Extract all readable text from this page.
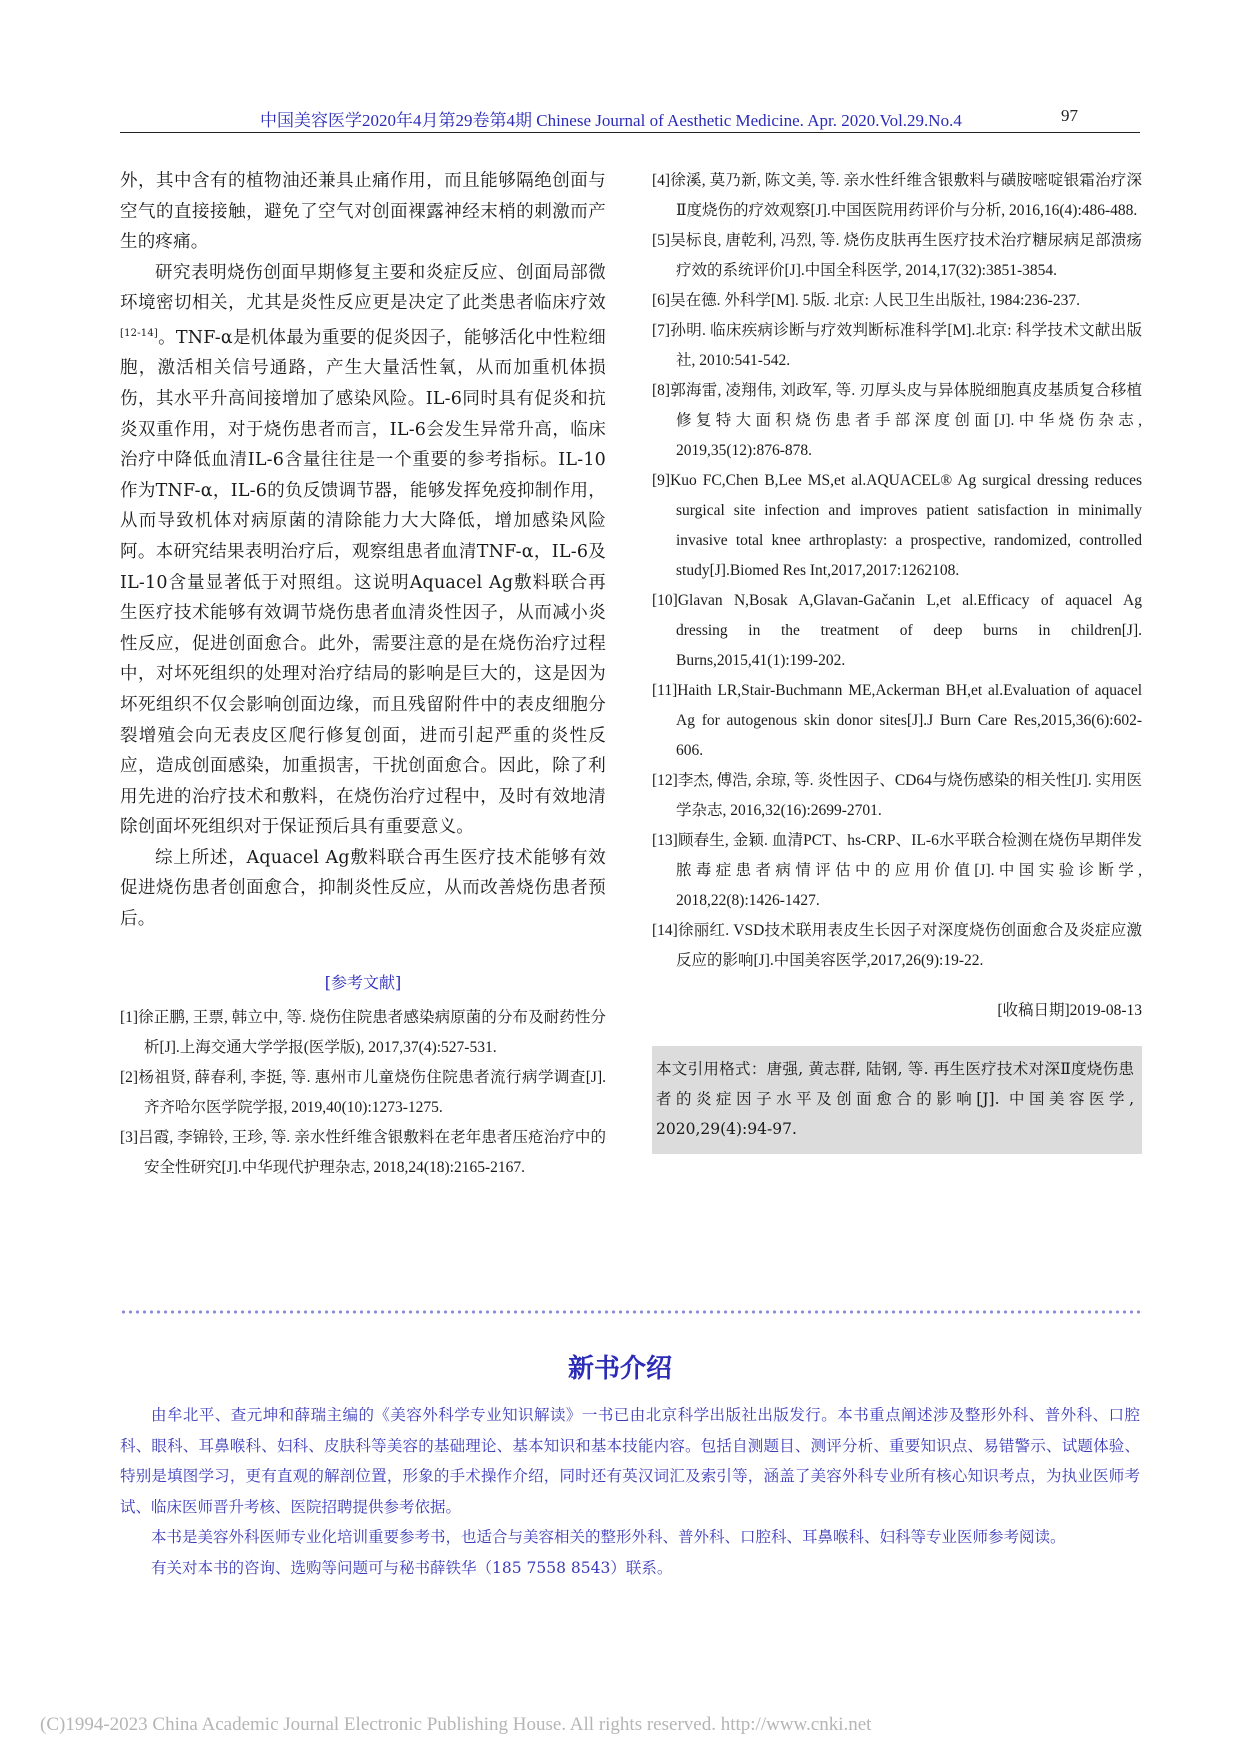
中国美容医学2020年4月第29卷第4期 Chinese Journal of Aesthetic Medicine. Apr. 2020.Vol.29.No.4	97

外，其中含有的植物油还兼具止痛作用，而且能够隔绝创面与空气的直接接触，避免了空气对创面裸露神经末梢的刺激而产生的疼痛。

研究表明烧伤创面早期修复主要和炎症反应、创面局部微环境密切相关，尤其是炎性反应更是决定了此类患者临床疗效[12-14]。TNF-α是机体最为重要的促炎因子，能够活化中性粒细胞，激活相关信号通路，产生大量活性氧，从而加重机体损伤，其水平升高间接增加了感染风险。IL-6同时具有促炎和抗炎双重作用，对于烧伤患者而言，IL-6会发生异常升高，临床治疗中降低血清IL-6含量往往是一个重要的参考指标。IL-10作为TNF-α，IL-6的负反馈调节器，能够发挥免疫抑制作用，从而导致机体对病原菌的清除能力大大降低，增加感染风险阿。本研究结果表明治疗后，观察组患者血清TNF-α，IL-6及IL-10含量显著低于对照组。这说明Aquacel Ag敷料联合再生医疗技术能够有效调节烧伤患者血清炎性因子，从而减小炎性反应，促进创面愈合。此外，需要注意的是在烧伤治疗过程中，对坏死组织的处理对治疗结局的影响是巨大的，这是因为坏死组织不仅会影响创面边缘，而且残留附件中的表皮细胞分裂增殖会向无表皮区爬行修复创面，进而引起严重的炎性反应，造成创面感染，加重损害，干扰创面愈合。因此，除了利用先进的治疗技术和敷料，在烧伤治疗过程中，及时有效地清除创面坏死组织对于保证预后具有重要意义。

综上所述，Aquacel Ag敷料联合再生医疗技术能够有效促进烧伤患者创面愈合，抑制炎性反应，从而改善烧伤患者预后。

[参考文献]

[1]徐正鹏, 王票, 韩立中, 等. 烧伤住院患者感染病原菌的分布及耐药性分析[J].上海交通大学学报(医学版), 2017,37(4):527-531.

[2]杨祖贤, 薛春利, 李挺, 等. 惠州市儿童烧伤住院患者流行病学调查[J].齐齐哈尔医学院学报, 2019,40(10):1273-1275.

[3]吕霞, 李锦铃, 王珍, 等. 亲水性纤维含银敷料在老年患者压疮治疗中的安全性研究[J].中华现代护理杂志, 2018,24(18):2165-2167.

[4]徐溪, 莫乃新, 陈文美, 等. 亲水性纤维含银敷料与磺胺嘧啶银霜治疗深Ⅱ度烧伤的疗效观察[J].中国医院用药评价与分析, 2016,16(4):486-488.

[5]吴标良, 唐乾利, 冯烈, 等. 烧伤皮肤再生医疗技术治疗糖尿病足部溃疡疗效的系统评价[J].中国全科医学, 2014,17(32):3851-3854.

[6]吴在德. 外科学[M]. 5版. 北京: 人民卫生出版社, 1984:236-237.

[7]孙明. 临床疾病诊断与疗效判断标准科学[M].北京: 科学技术文献出版社, 2010:541-542.

[8]郭海雷, 凌翔伟, 刘政军, 等. 刃厚头皮与异体脱细胞真皮基质复合移植修复特大面积烧伤患者手部深度创面[J].中华烧伤杂志, 2019,35(12):876-878.

[9]Kuo FC,Chen B,Lee MS,et al.AQUACEL® Ag surgical dressing reduces surgical site infection and improves patient satisfaction in minimally invasive total knee arthroplasty: a prospective, randomized, controlled study[J].Biomed Res Int,2017,2017:1262108.

[10]Glavan N,Bosak A,Glavan-Gačanin L,et al.Efficacy of aquacel Ag dressing in the treatment of deep burns in children[J]. Burns,2015,41(1):199-202.

[11]Haith LR,Stair-Buchmann ME,Ackerman BH,et al.Evaluation of aquacel Ag for autogenous skin donor sites[J].J Burn Care Res,2015,36(6):602-606.

[12]李杰, 傅浩, 余琼, 等. 炎性因子、CD64与烧伤感染的相关性[J]. 实用医学杂志, 2016,32(16):2699-2701.

[13]顾春生, 金颖. 血清PCT、hs-CRP、IL-6水平联合检测在烧伤早期伴发脓毒症患者病情评估中的应用价值[J].中国实验诊断学, 2018,22(8):1426-1427.

[14]徐丽红. VSD技术联用表皮生长因子对深度烧伤创面愈合及炎症应激反应的影响[J].中国美容医学,2017,26(9):19-22.

[收稿日期]2019-08-13
本文引用格式：唐强, 黄志群, 陆钢, 等. 再生医疗技术对深Ⅱ度烧伤患者的炎症因子水平及创面愈合的影响[J]. 中国美容医学, 2020,29(4):94-97.
新书介绍

由牟北平、查元坤和薛瑞主编的《美容外科学专业知识解读》一书已由北京科学出版社出版发行。本书重点阐述涉及整形外科、普外科、口腔科、眼科、耳鼻喉科、妇科、皮肤科等美容的基础理论、基本知识和基本技能内容。包括自测题目、测评分析、重要知识点、易错警示、试题体验、特别是填图学习，更有直观的解剖位置，形象的手术操作介绍，同时还有英汉词汇及索引等，涵盖了美容外科专业所有核心知识考点，为执业医师考试、临床医师晋升考核、医院招聘提供参考依据。

本书是美容外科医师专业化培训重要参考书，也适合与美容相关的整形外科、普外科、口腔科、耳鼻喉科、妇科等专业医师参考阅读。

有关对本书的咨询、选购等问题可与秘书薛铁华（185 7558 8543）联系。

(C)1994-2023 China Academic Journal Electronic Publishing House. All rights reserved. http://www.cnki.net
